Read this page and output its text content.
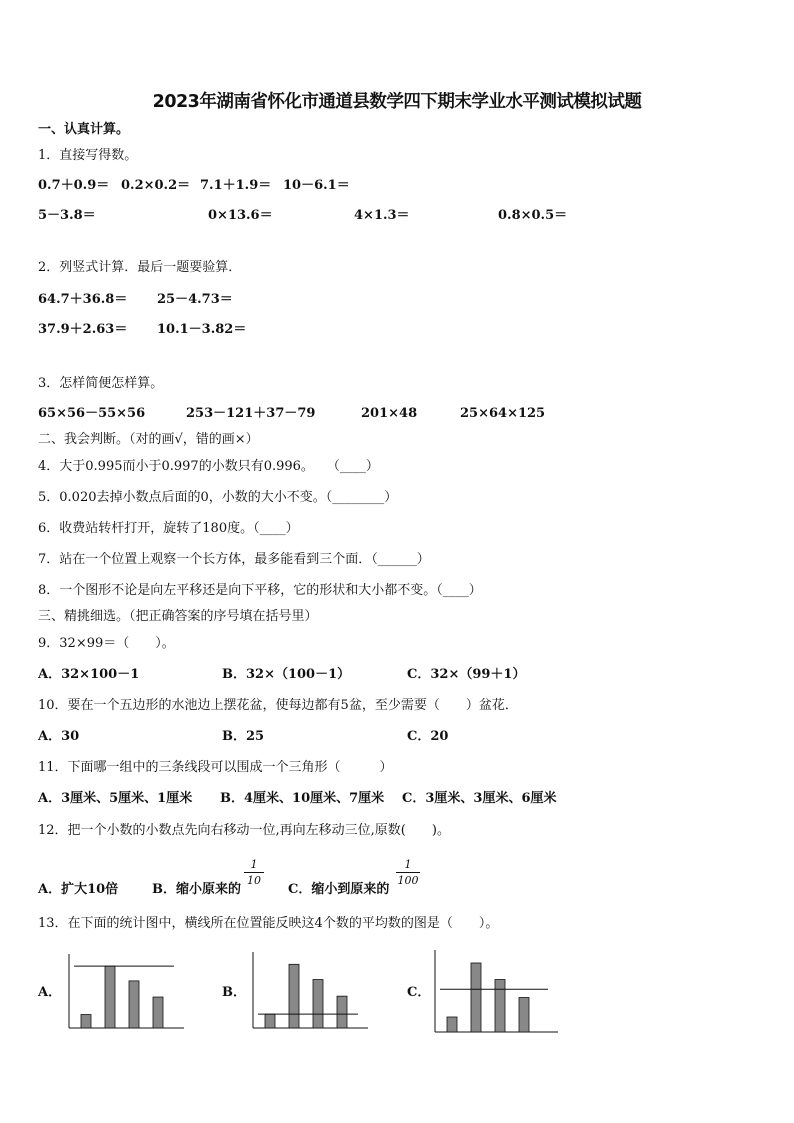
2023年湖南省怀化市通道县数学四下期末学业水平测试模拟试题
一、认真计算。
1．直接写得数。
0.7＋0.9＝ 0.2×0.2＝ 7.1＋1.9＝ 10－6.1＝
5－3.8＝	0×13.6＝	4×1.3＝	0.8×0.5＝
2．列竖式计算．最后一题要验算．
64.7＋36.8＝ 25－4.73＝
37.9＋2.63＝ 10.1－3.82＝
3．怎样简便怎样算。
65×56－55×56	253－121＋37－79	201×48	25×64×125
二、我会判断。（对的画√，错的画×）
4．大于0.995而小于0.997的小数只有0.996。　　（____）
5．0.020去掉小数点后面的0，小数的大小不变。（________）
6．收费站转杆打开，旋转了180度。（____）
7．站在一个位置上观察一个长方体，最多能看到三个面．（______）
8．一个图形不论是向左平移还是向下平移，它的形状和大小都不变。（____）
三、精挑细选。（把正确答案的序号填在括号里）
9．32×99＝（　　）。
A．32×100－1	B．32×（100－1）	C．32×（99＋1）
10．要在一个五边形的水池边上摆花盆，使每边都有5盆，至少需要（　　）盆花．
A．30	B．25	C．20
11．下面哪一组中的三条线段可以围成一个三角形（　　　）
A．3厘米、5厘米、1厘米 B．4厘米、10厘米、7厘米 C．3厘米、3厘米、6厘米
12．把一个小数的小数点先向右移动一位,再向左移动三位,原数(　　)。
A．扩大10倍	B．缩小原来的
1
10
C．缩小到原来的
1
100
13．在下面的统计图中，横线所在位置能反映这4个数的平均数的图是（　　）。
A．	B．	C．
